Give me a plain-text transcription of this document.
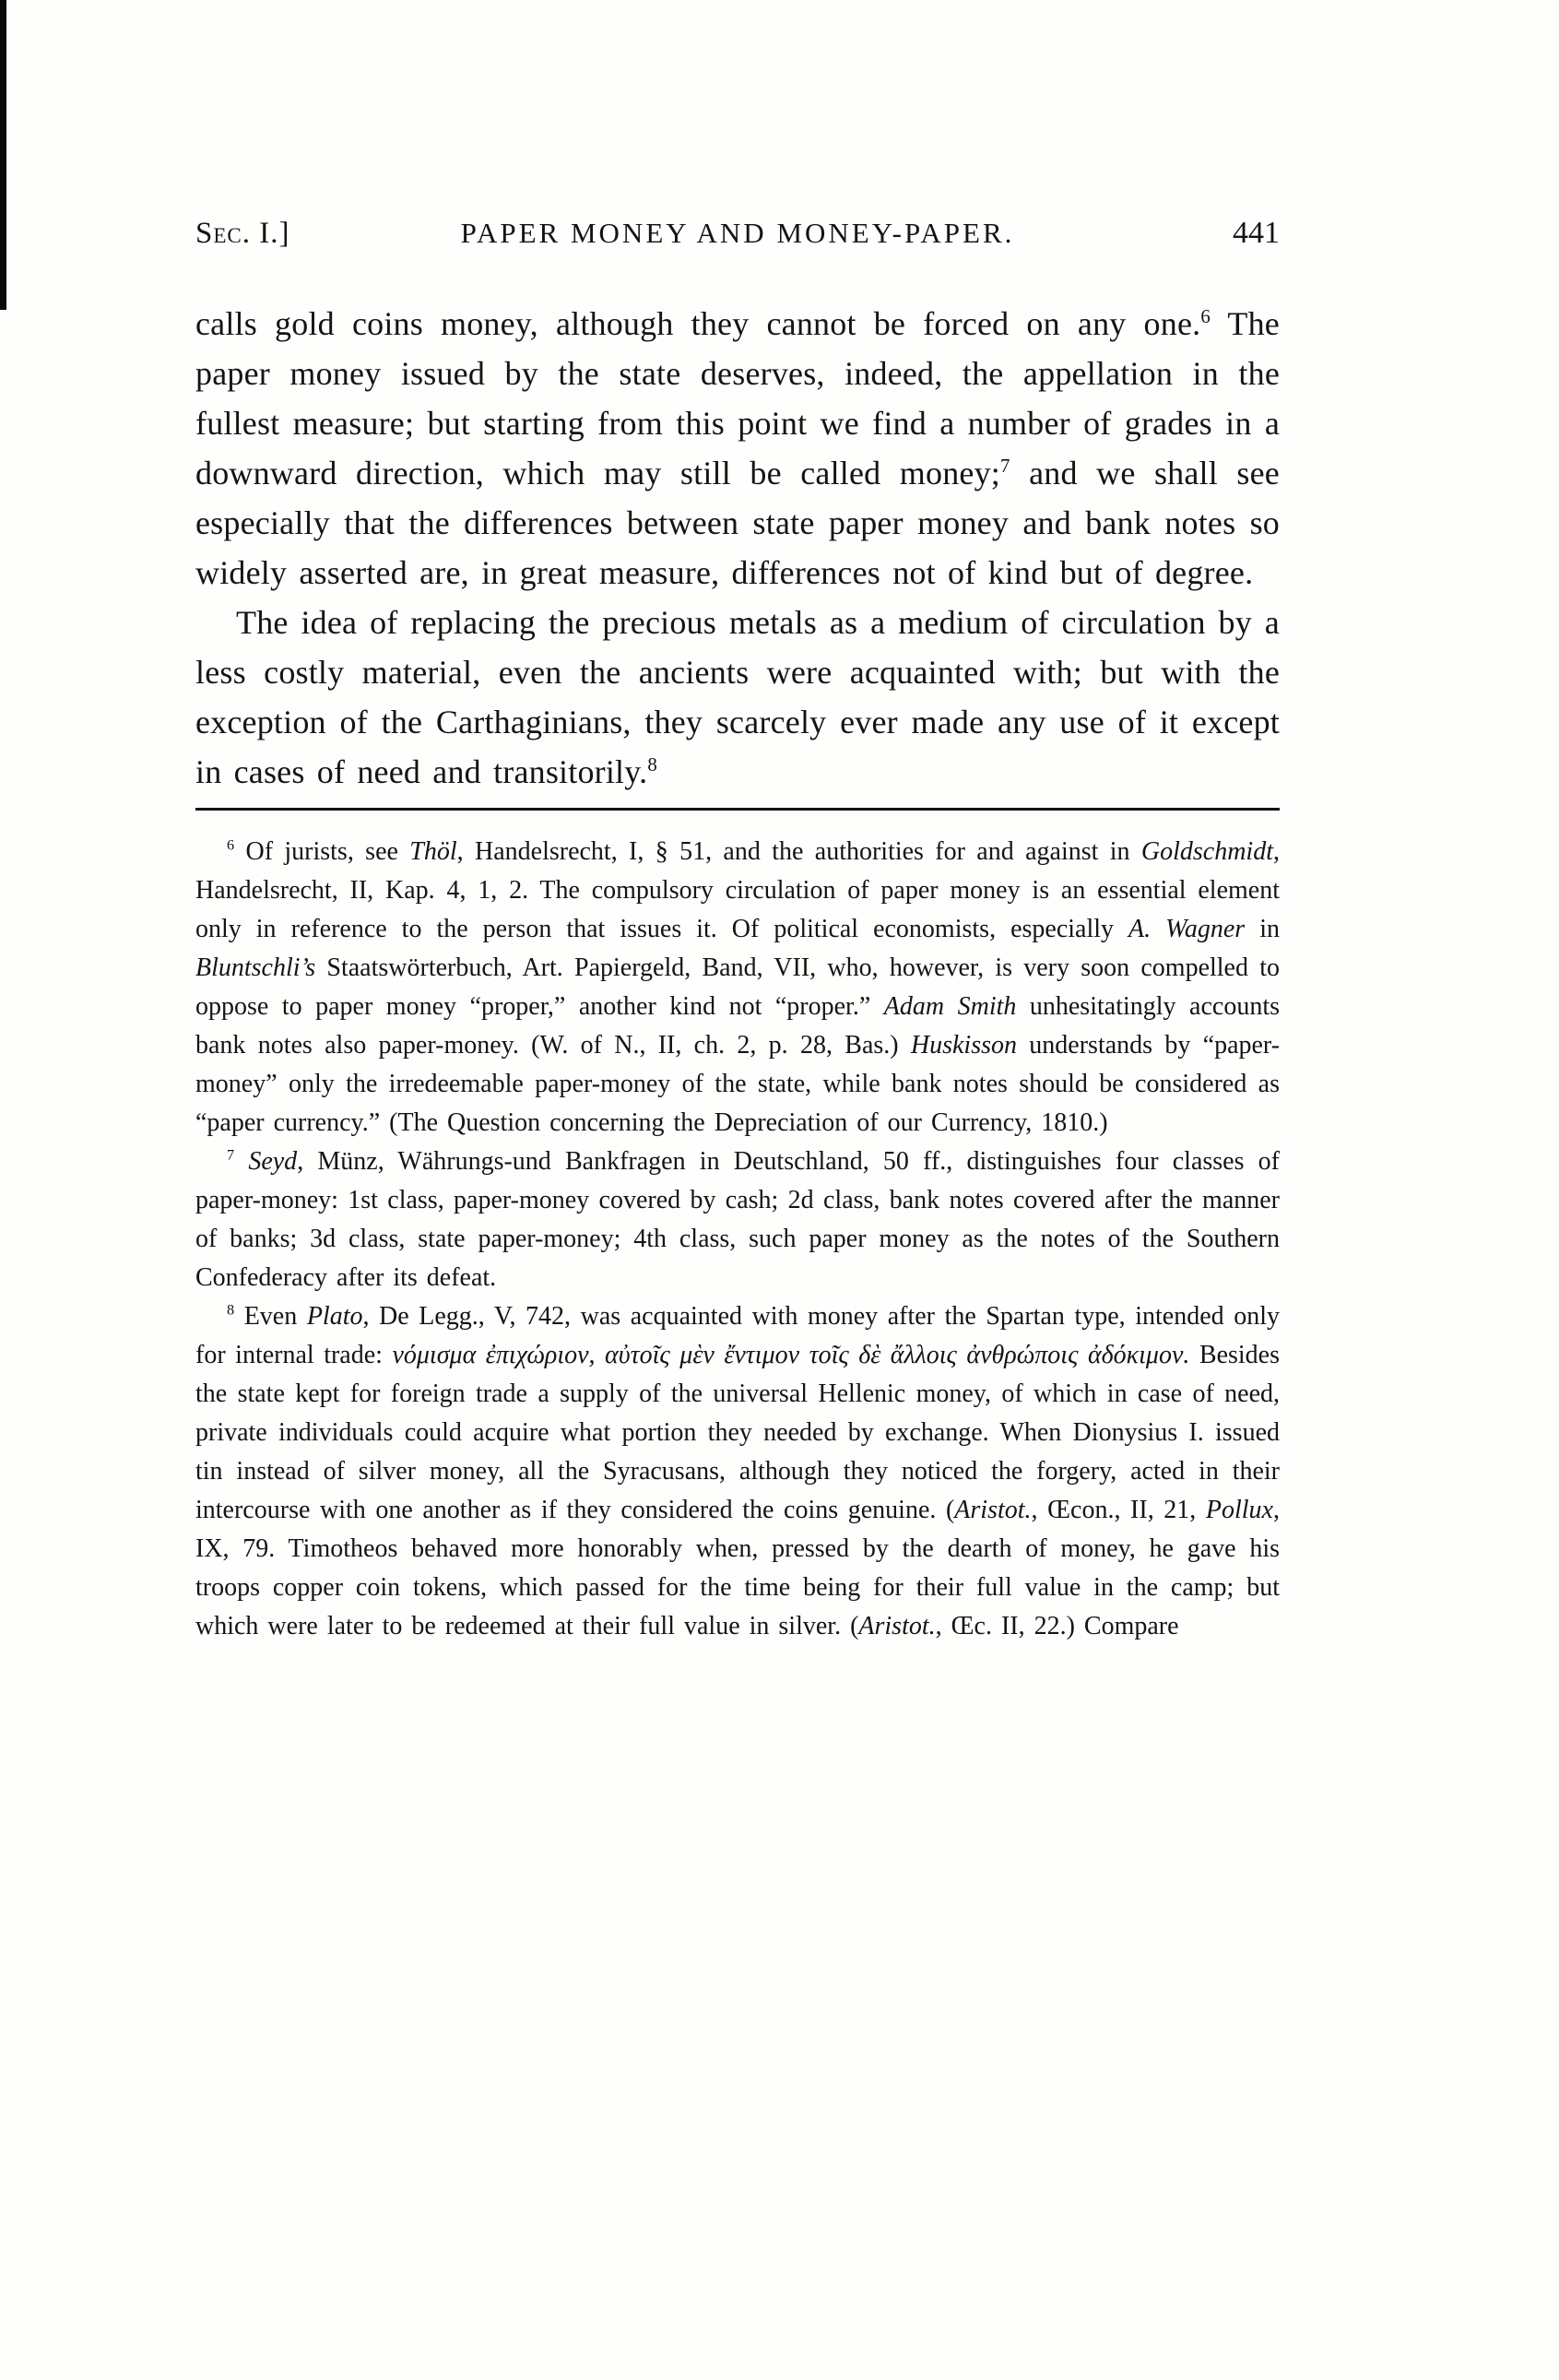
Sec. I.]	PAPER MONEY AND MONEY-PAPER.	441

calls gold coins money, although they cannot be forced on any one.$^6$ The paper money issued by the state deserves, indeed, the appellation in the fullest measure; but starting from this point we find a number of grades in a downward direction, which may still be called money;$^7$ and we shall see especially that the differences between state paper money and bank notes so widely asserted are, in great measure, differences not of kind but of degree.

The idea of replacing the precious metals as a medium of circulation by a less costly material, even the ancients were acquainted with; but with the exception of the Carthaginians, they scarcely ever made any use of it except in cases of need and transitorily.$^8$

$^6$ Of jurists, see Thöl, Handelsrecht, I, § 51, and the authorities for and against in Goldschmidt, Handelsrecht, II, Kap. 4, 1, 2. The compulsory circulation of paper money is an essential element only in reference to the person that issues it. Of political economists, especially A. Wagner in Bluntschli’s Staatswörterbuch, Art. Papiergeld, Band, VII, who, however, is very soon compelled to oppose to paper money “proper,” another kind not “proper.” Adam Smith unhesitatingly accounts bank notes also paper-money. (W. of N., II, ch. 2, p. 28, Bas.) Huskisson understands by “paper-money” only the irredeemable paper-money of the state, while bank notes should be considered as “paper currency.” (The Question concerning the Depreciation of our Currency, 1810.)

$^7$ Seyd, Münz, Währungs-und Bankfragen in Deutschland, 50 ff., distinguishes four classes of paper-money: 1st class, paper-money covered by cash; 2d class, bank notes covered after the manner of banks; 3d class, state paper-money; 4th class, such paper money as the notes of the Southern Confederacy after its defeat.

$^8$ Even Plato, De Legg., V, 742, was acquainted with money after the Spartan type, intended only for internal trade: νόμισμα ἐπιχώριον, αὐτοῖς μὲν ἔντιμον τοῖς δὲ ἄλλοις ἀνθρώποις ἀδόκιμον. Besides the state kept for foreign trade a supply of the universal Hellenic money, of which in case of need, private individuals could acquire what portion they needed by exchange. When Dionysius I. issued tin instead of silver money, all the Syracusans, although they noticed the forgery, acted in their intercourse with one another as if they considered the coins genuine. (Aristot., Œcon., II, 21, Pollux, IX, 79. Timotheos behaved more honorably when, pressed by the dearth of money, he gave his troops copper coin tokens, which passed for the time being for their full value in the camp; but which were later to be redeemed at their full value in silver. (Aristot., Œc. II, 22.) Compare
